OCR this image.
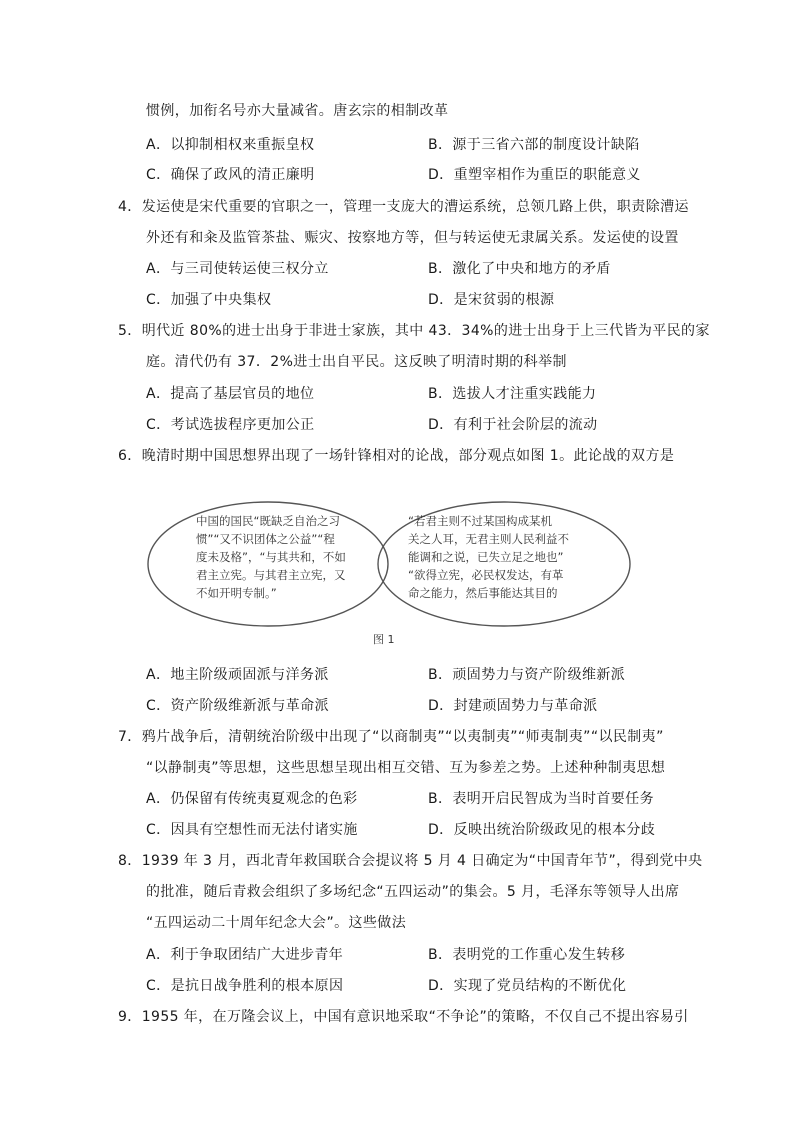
惯例，加衔名号亦大量减省。唐玄宗的相制改革
A．以抑制相权来重振皇权	B．源于三省六部的制度设计缺陷
C．确保了政风的清正廉明	D．重塑宰相作为重臣的职能意义
4．发运使是宋代重要的官职之一，管理一支庞大的漕运系统，总领几路上供，职责除漕运
外还有和籴及监管茶盐、赈灾、按察地方等，但与转运使无隶属关系。发运使的设置
A．与三司使转运使三权分立	B．激化了中央和地方的矛盾
C．加强了中央集权	D．是宋贫弱的根源
5．明代近 80%的进士出身于非进士家族，其中 43．34%的进士出身于上三代皆为平民的家
庭。清代仍有 37．2%进士出自平民。这反映了明清时期的科举制
A．提高了基层官员的地位	B．选拔人才注重实践能力
C．考试选拔程序更加公正	D．有利于社会阶层的流动
6．晚清时期中国思想界出现了一场针锋相对的论战，部分观点如图 1。此论战的双方是
中国的国民“既缺乏自治之习
惯”“又不识团体之公益”“程
度未及格”，“与其共和，不如
君主立宪。与其君主立宪，又
不如开明专制。”
“若君主则不过某国构成某机
关之人耳，无君主则人民利益不
能调和之说，已失立足之地也”
“欲得立宪，必民权发达，有革
命之能力，然后事能达其目的
图 1
A．地主阶级顽固派与洋务派	B．顽固势力与资产阶级维新派
C．资产阶级维新派与革命派	D．封建顽固势力与革命派
7．鸦片战争后，清朝统治阶级中出现了“以商制夷”“以夷制夷”“师夷制夷”“以民制夷”
“以静制夷”等思想，这些思想呈现出相互交错、互为参差之势。上述种种制夷思想
A．仍保留有传统夷夏观念的色彩	B．表明开启民智成为当时首要任务
C．因具有空想性而无法付诸实施	D．反映出统治阶级政见的根本分歧
8．1939 年 3 月，西北青年救国联合会提议将 5 月 4 日确定为“中国青年节”，得到党中央
的批准，随后青救会组织了多场纪念“五四运动”的集会。5 月，毛泽东等领导人出席
“五四运动二十周年纪念大会”。这些做法
A．利于争取团结广大进步青年	B．表明党的工作重心发生转移
C．是抗日战争胜利的根本原因	D．实现了党员结构的不断优化
9．1955 年，在万隆会议上，中国有意识地采取“不争论”的策略，不仅自己不提出容易引
